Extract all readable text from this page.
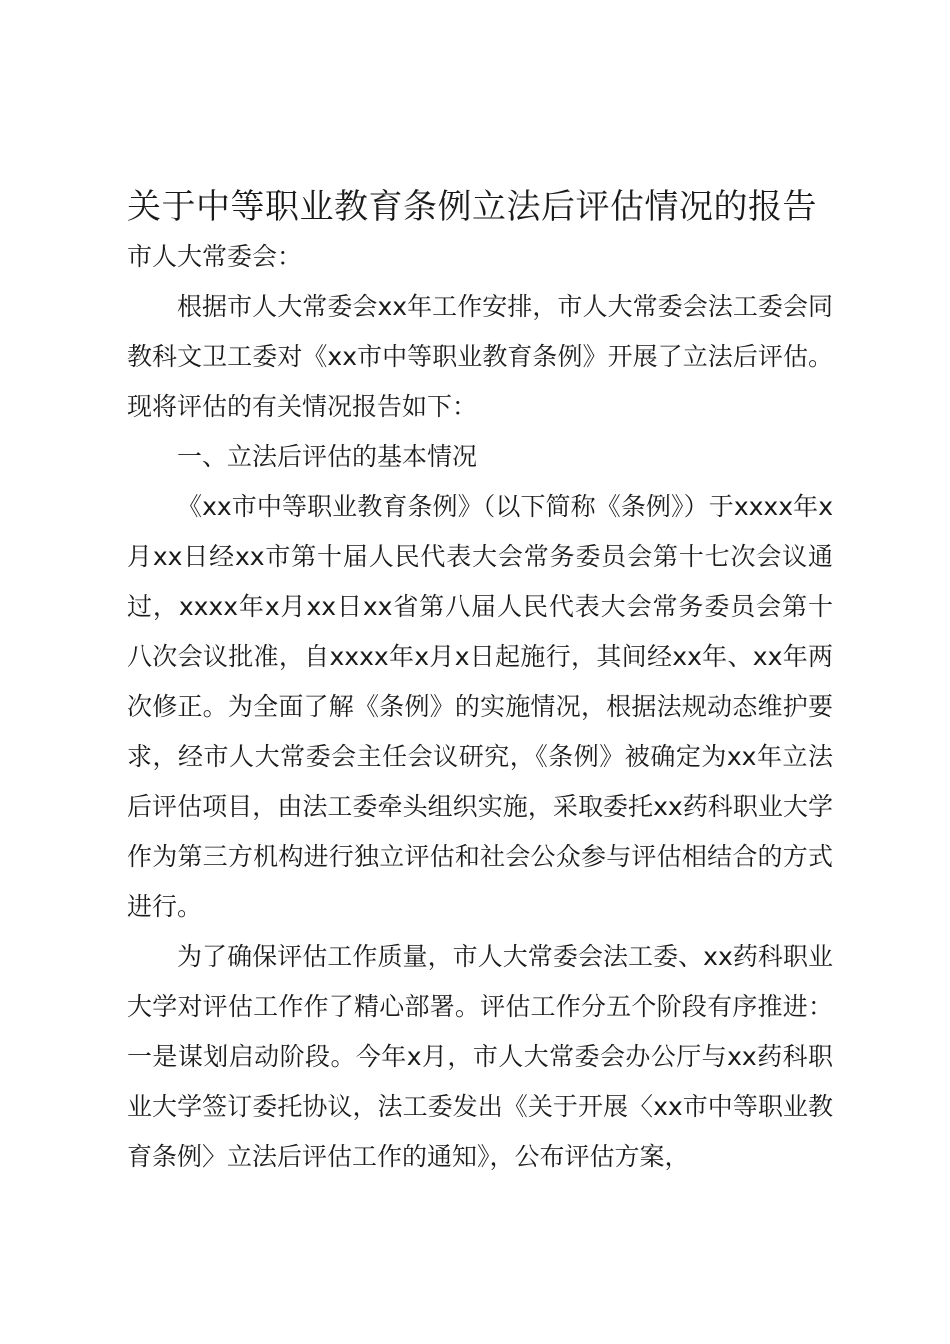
关于中等职业教育条例立法后评估情况的报告

市人大常委会：

根据市人大常委会xx年工作安排，市人大常委会法工委会同教科文卫工委对《xx市中等职业教育条例》开展了立法后评估。现将评估的有关情况报告如下：

一、立法后评估的基本情况

《xx市中等职业教育条例》（以下简称《条例》）于xxxx年x月xx日经xx市第十届人民代表大会常务委员会第十七次会议通过，xxxx年x月xx日xx省第八届人民代表大会常务委员会第十八次会议批准，自xxxx年x月x日起施行，其间经xx年、xx年两次修正。为全面了解《条例》的实施情况，根据法规动态维护要求，经市人大常委会主任会议研究，《条例》被确定为xx年立法后评估项目，由法工委牵头组织实施，采取委托xx药科职业大学作为第三方机构进行独立评估和社会公众参与评估相结合的方式进行。

为了确保评估工作质量，市人大常委会法工委、xx药科职业大学对评估工作作了精心部署。评估工作分五个阶段有序推进：一是谋划启动阶段。今年x月，市人大常委会办公厅与xx药科职业大学签订委托协议，法工委发出《关于开展〈xx市中等职业教育条例〉立法后评估工作的通知》，公布评估方案，
